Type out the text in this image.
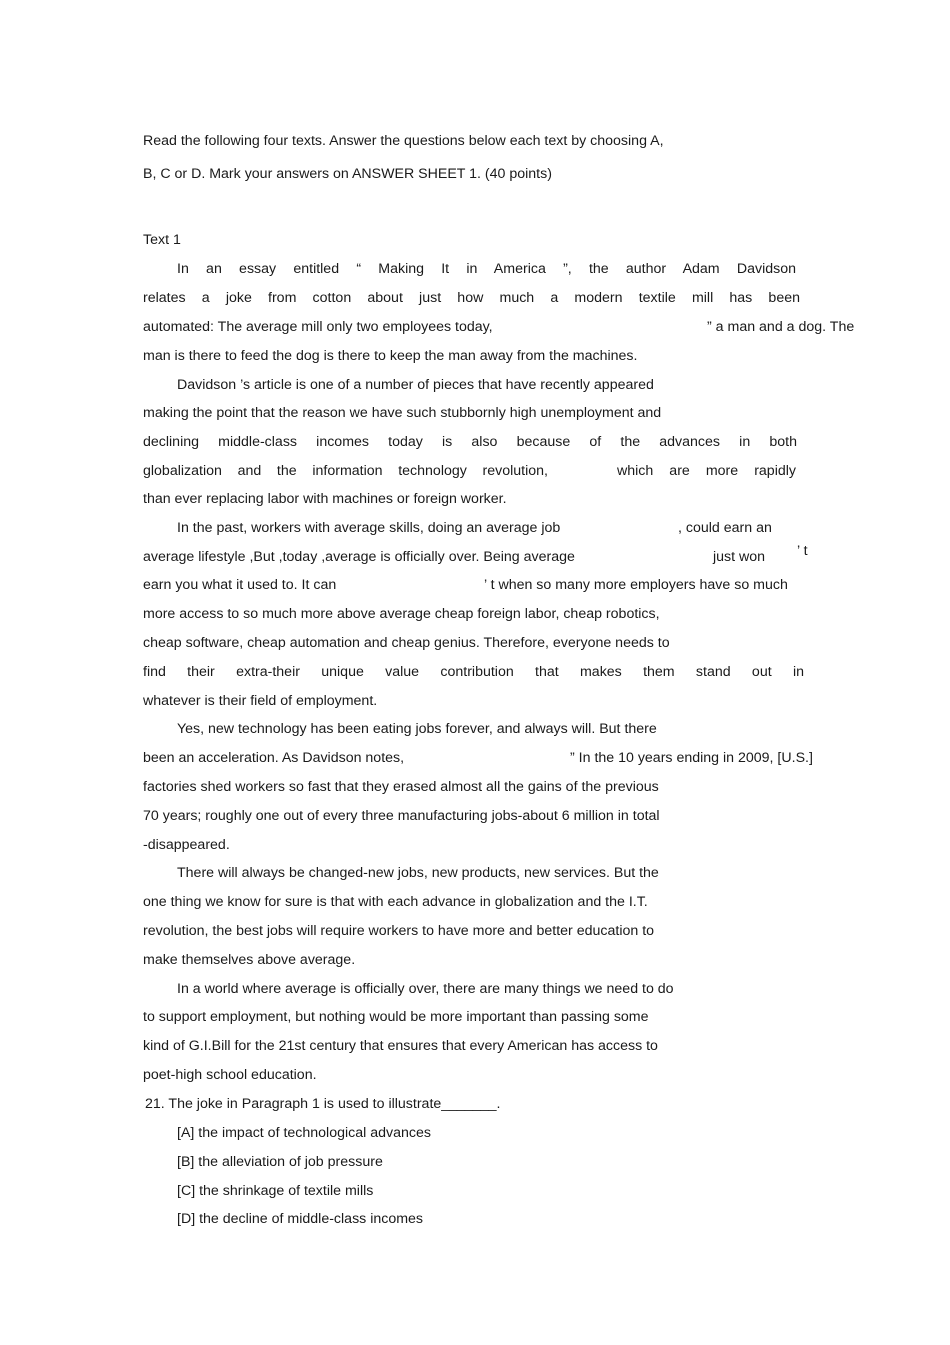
Read the following four texts. Answer the questions below each text by choosing A,
B, C or D. Mark your answers on ANSWER SHEET 1. (40 points)
Text 1
In an essay entitled “ Making It in America ”, the author Adam Davidson
relates a joke from cotton about just how much a modern textile mill has been
automated: The average mill only two employees today,	” a man and a dog. The
man is there to feed the dog is there to keep the man away from the machines.
Davidson ’s article is one of a number of pieces that have recently appeared
making the point that the reason we have such stubbornly high unemployment and
declining middle-class incomes today is also because of the advances in both
globalization and the information technology revolution,	which are more rapidly
than ever replacing labor with machines or foreign worker.
In the past, workers with average skills, doing an average job	, could earn an
average lifestyle ,But ,today ,average is officially over. Being average	just won ’ t
earn you what it used to. It can	’ t when so many more employers have so much
more access to so much more above average cheap foreign labor, cheap robotics,
cheap software, cheap automation and cheap genius. Therefore, everyone needs to
find their extra-their unique value contribution that makes them stand out in
whatever is their field of employment.
Yes, new technology has been eating jobs forever, and always will. But there
been an acceleration. As Davidson notes,	” In the 10 years ending in 2009, [U.S.]
factories shed workers so fast that they erased almost all the gains of the previous
70 years; roughly one out of every three manufacturing jobs-about 6 million in total
-disappeared.
There will always be changed-new jobs, new products, new services. But the
one thing we know for sure is that with each advance in globalization and the I.T.
revolution, the best jobs will require workers to have more and better education to
make themselves above average.
In a world where average is officially over, there are many things we need to do
to support employment, but nothing would be more important than passing some
kind of G.I.Bill for the 21st century that ensures that every American has access to
poet-high school education.
21. The joke in Paragraph 1 is used to illustrate_______.
[A] the impact of technological advances
[B] the alleviation of job pressure
[C] the shrinkage of textile mills
[D] the decline of middle-class incomes
